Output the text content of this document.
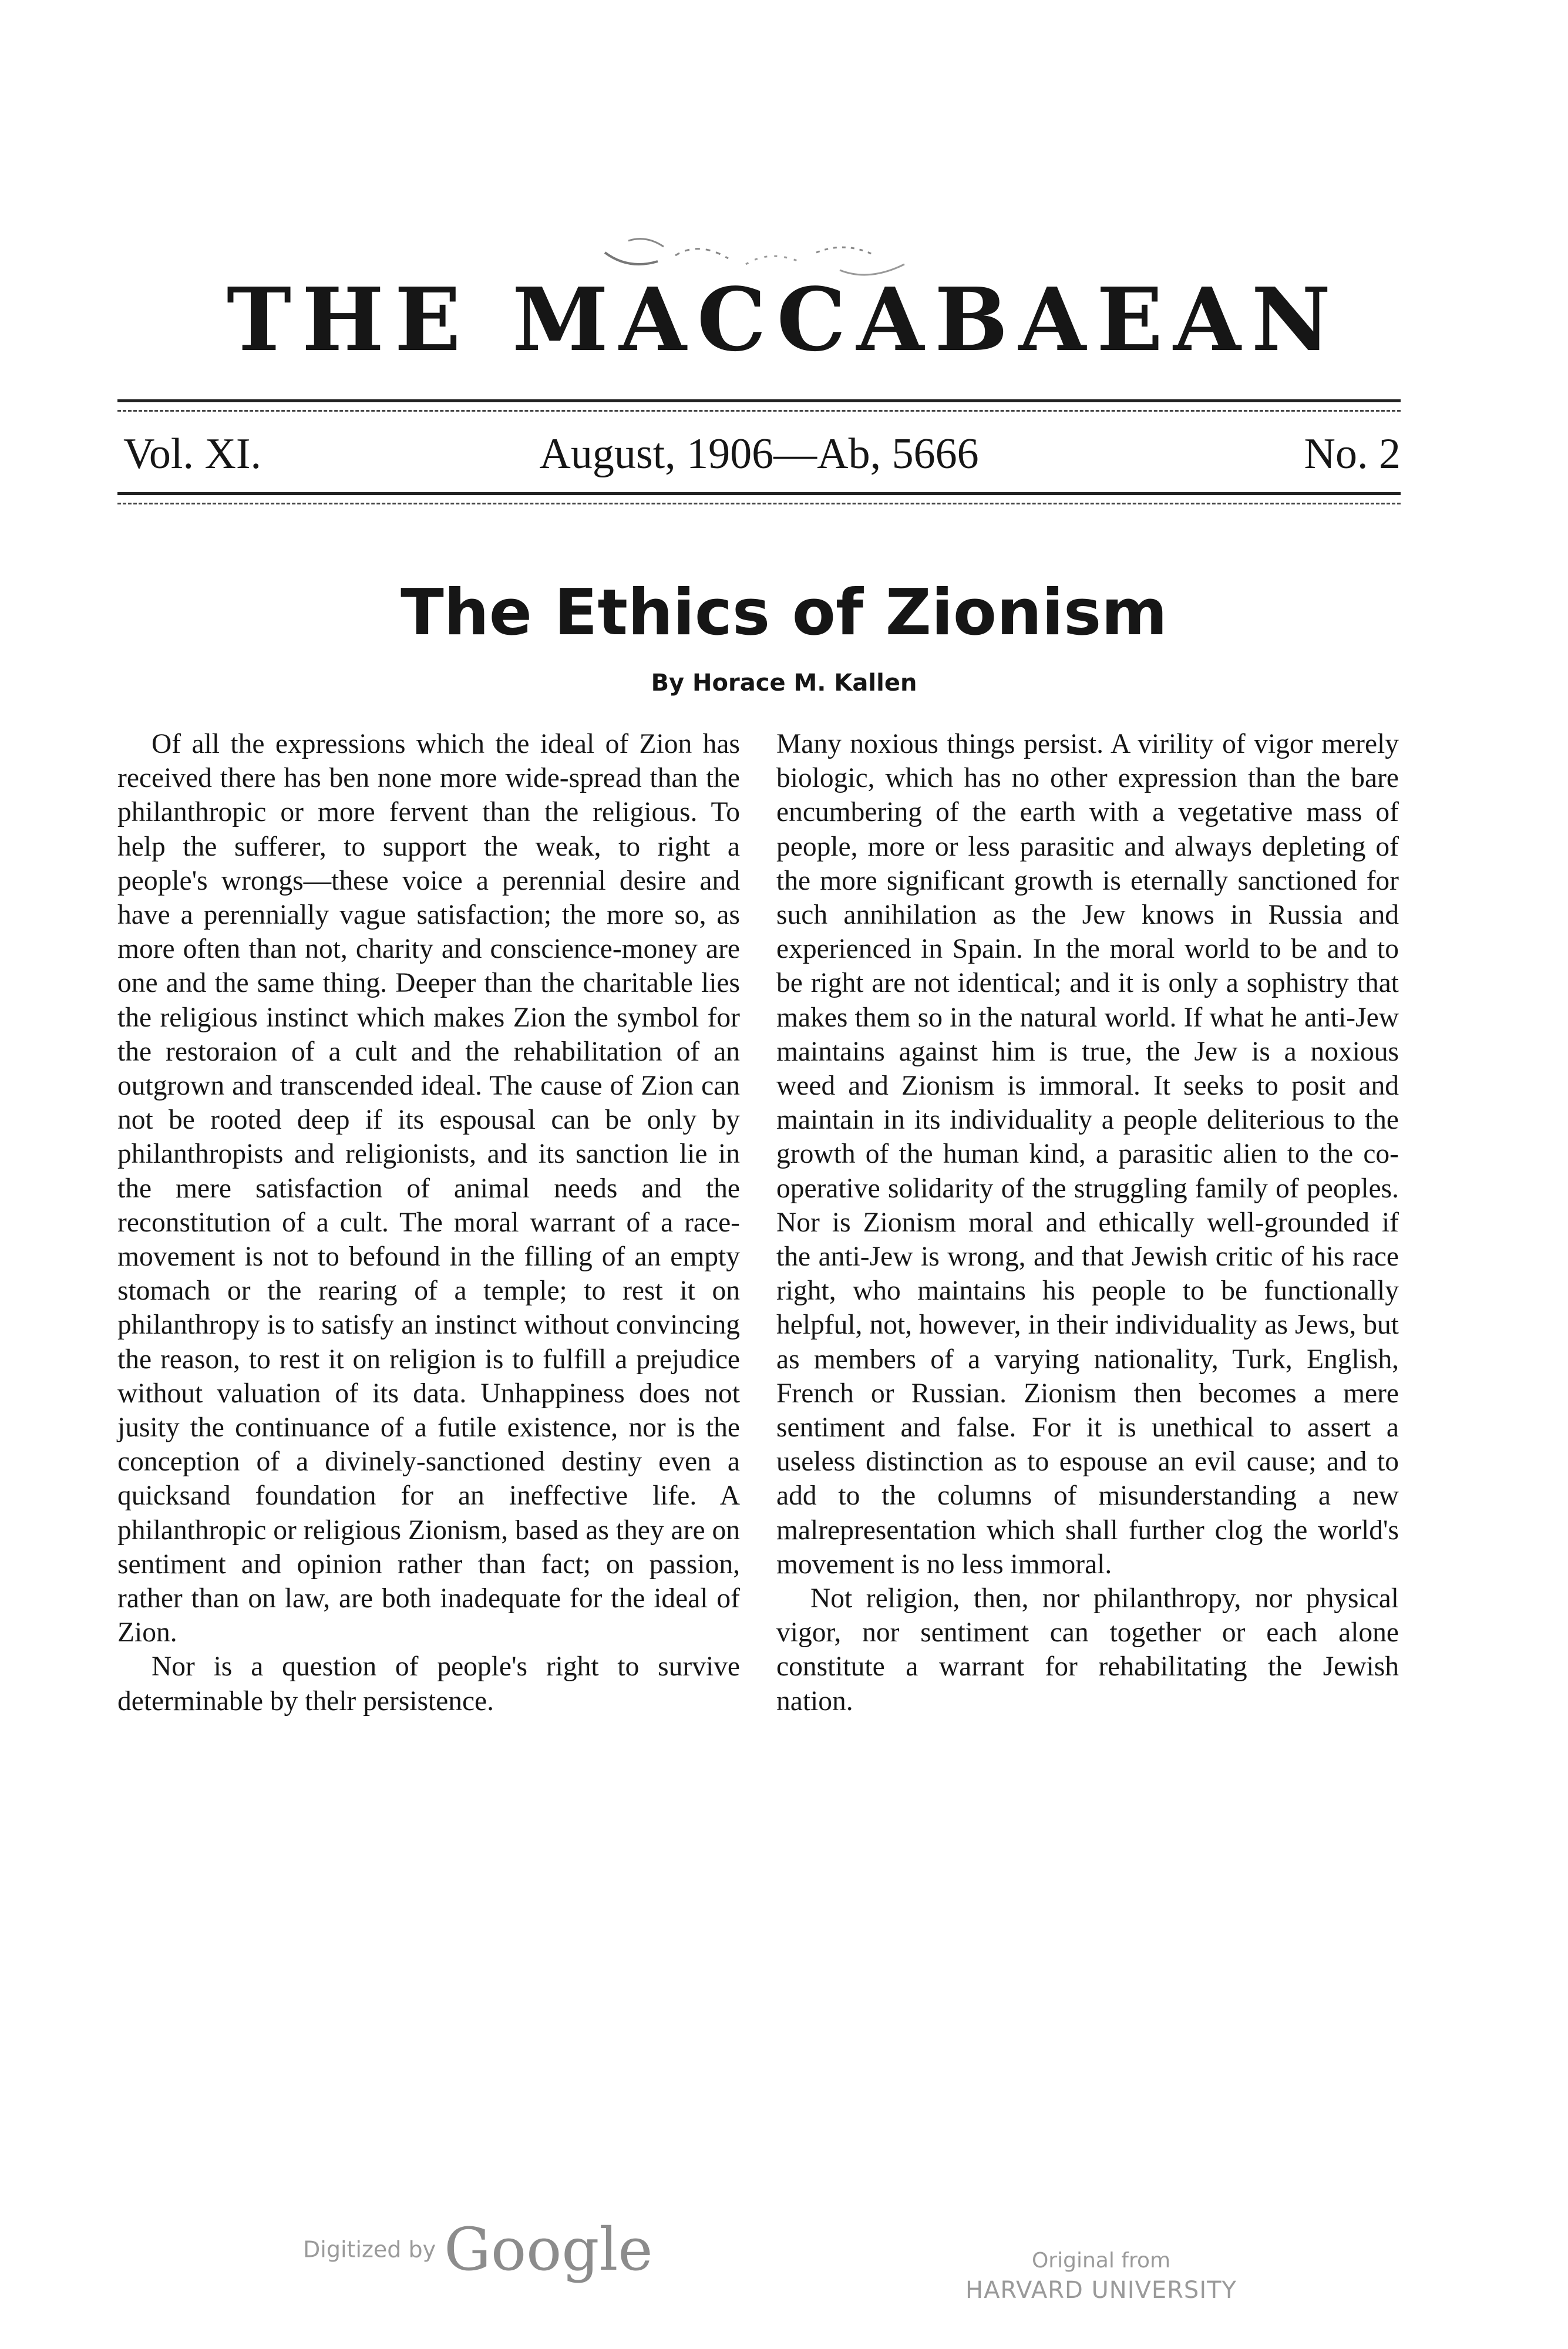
THE MACCABAEAN
Vol. XI.	August, 1906—Ab, 5666	No. 2
The Ethics of Zionism
By Horace M. Kallen

Of all the expressions which the ideal of Zion has received there has ben none more wide-spread than the philanthropic or more fervent than the religious. To help the sufferer, to support the weak, to right a people's wrongs—these voice a perennial desire and have a perennially vague satisfaction; the more so, as more often than not, charity and conscience-money are one and the same thing. Deeper than the charitable lies the religious instinct which makes Zion the symbol for the restoraion of a cult and the rehabilitation of an outgrown and transcended ideal. The cause of Zion can not be rooted deep if its espousal can be only by philanthropists and religionists, and its sanction lie in the mere satisfaction of animal needs and the reconstitution of a cult. The moral warrant of a race-movement is not to befound in the filling of an empty stomach or the rearing of a temple; to rest it on philanthropy is to satisfy an instinct without convincing the reason, to rest it on religion is to fulfill a prejudice without valuation of its data. Unhappiness does not jusity the continuance of a futile existence, nor is the conception of a divinely-sanctioned destiny even a quicksand foundation for an ineffective life. A philanthropic or religious Zionism, based as they are on sentiment and opinion rather than fact; on passion, rather than on law, are both inadequate for the ideal of Zion.

Nor is a question of people's right to survive determinable by thelr persistence.

Many noxious things persist. A virility of vigor merely biologic, which has no other expression than the bare encumbering of the earth with a vegetative mass of people, more or less parasitic and always depleting of the more significant growth is eternally sanctioned for such annihilation as the Jew knows in Russia and experienced in Spain. In the moral world to be and to be right are not identical; and it is only a sophistry that makes them so in the natural world. If what he anti-Jew maintains against him is true, the Jew is a noxious weed and Zionism is immoral. It seeks to posit and maintain in its individuality a people deliterious to the growth of the human kind, a parasitic alien to the co-operative solidarity of the struggling family of peoples. Nor is Zionism moral and ethically well-grounded if the anti-Jew is wrong, and that Jewish critic of his race right, who maintains his people to be functionally helpful, not, however, in their individuality as Jews, but as members of a varying nationality, Turk, English, French or Russian. Zionism then becomes a mere sentiment and false. For it is unethical to assert a useless distinction as to espouse an evil cause; and to add to the columns of misunderstanding a new malrepresentation which shall further clog the world's movement is no less immoral.

Not religion, then, nor philanthropy, nor physical vigor, nor sentiment can together or each alone constitute a warrant for rehabilitating the Jewish nation.

Digitized by Google	Original from
HARVARD UNIVERSITY
